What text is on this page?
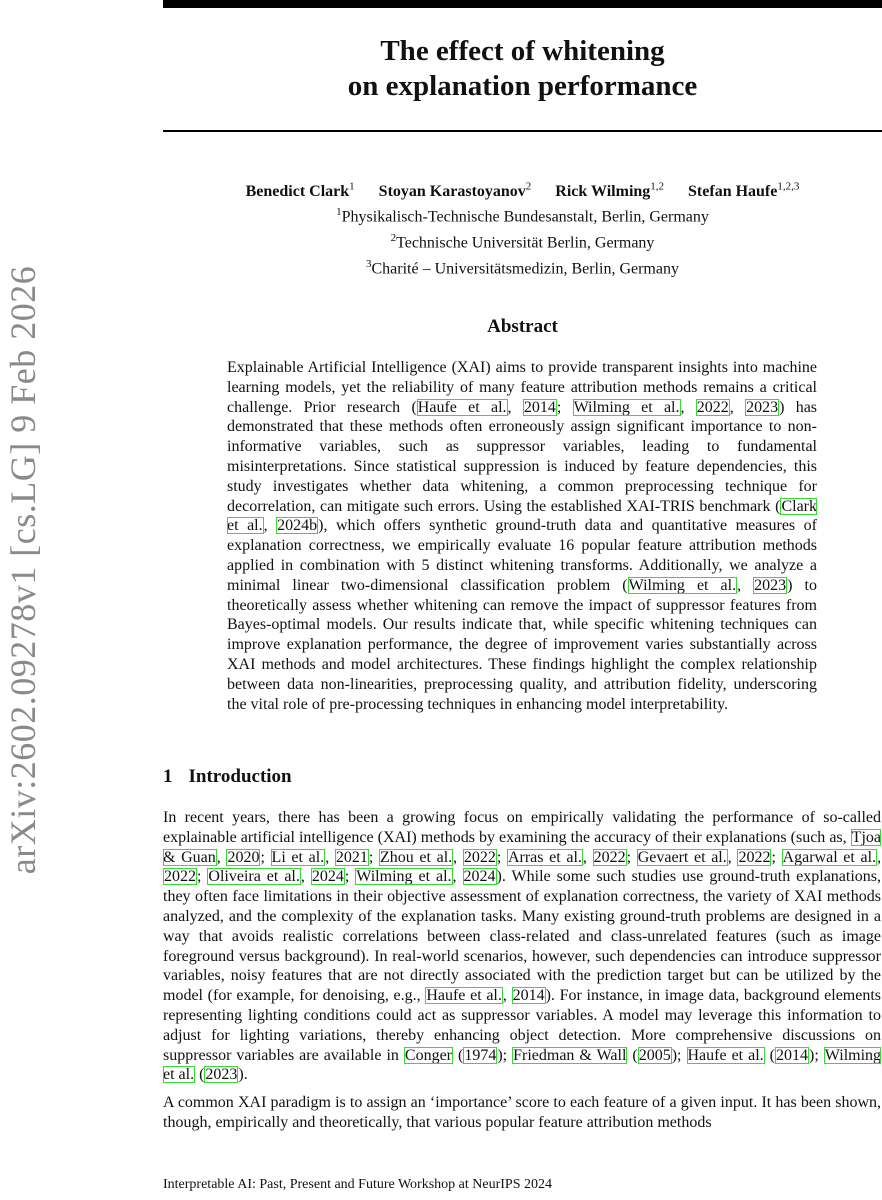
arXiv:2602.09278v1 [cs.LG] 9 Feb 2026
The effect of whitening
on explanation performance
Benedict Clark$^1$ Stoyan Karastoyanov$^2$ Rick Wilming$^{1,2}$ Stefan Haufe$^{1,2,3}$
$^1$Physikalisch-Technische Bundesanstalt, Berlin, Germany
$^2$Technische Universität Berlin, Germany
$^3$Charité – Universitätsmedizin, Berlin, Germany
Abstract
Explainable Artificial Intelligence (XAI) aims to provide transparent insights into machine learning models, yet the reliability of many feature attribution methods remains a critical challenge. Prior research (Haufe et al., 2014; Wilming et al., 2022, 2023) has demonstrated that these methods often erroneously assign significant importance to non-informative variables, such as suppressor variables, leading to fundamental misinterpretations. Since statistical suppression is induced by feature dependencies, this study investigates whether data whitening, a common preprocessing technique for decorrelation, can mitigate such errors. Using the established XAI-TRIS benchmark (Clark et al., 2024b), which offers synthetic ground-truth data and quantitative measures of explanation correctness, we empirically evaluate 16 popular feature attribution methods applied in combination with 5 distinct whitening transforms. Additionally, we analyze a minimal linear two-dimensional classification problem (Wilming et al., 2023) to theoretically assess whether whitening can remove the impact of suppressor features from Bayes-optimal models. Our results indicate that, while specific whitening techniques can improve explanation performance, the degree of improvement varies substantially across XAI methods and model architectures. These findings highlight the complex relationship between data non-linearities, preprocessing quality, and attribution fidelity, underscoring the vital role of pre-processing techniques in enhancing model interpretability.
1 Introduction

In recent years, there has been a growing focus on empirically validating the performance of so-called explainable artificial intelligence (XAI) methods by examining the accuracy of their explanations (such as, Tjoa & Guan, 2020; Li et al., 2021; Zhou et al., 2022; Arras et al., 2022; Gevaert et al., 2022; Agarwal et al., 2022; Oliveira et al., 2024; Wilming et al., 2024). While some such studies use ground-truth explanations, they often face limitations in their objective assessment of explanation correctness, the variety of XAI methods analyzed, and the complexity of the explanation tasks. Many existing ground-truth problems are designed in a way that avoids realistic correlations between class-related and class-unrelated features (such as image foreground versus background). In real-world scenarios, however, such dependencies can introduce suppressor variables, noisy features that are not directly associated with the prediction target but can be utilized by the model (for example, for denoising, e.g., Haufe et al., 2014). For instance, in image data, background elements representing lighting conditions could act as suppressor variables. A model may leverage this information to adjust for lighting variations, thereby enhancing object detection. More comprehensive discussions on suppressor variables are available in Conger (1974); Friedman & Wall (2005); Haufe et al. (2014); Wilming et al. (2023).

A common XAI paradigm is to assign an ‘importance’ score to each feature of a given input. It has been shown, though, empirically and theoretically, that various popular feature attribution methods

Interpretable AI: Past, Present and Future Workshop at NeurIPS 2024
